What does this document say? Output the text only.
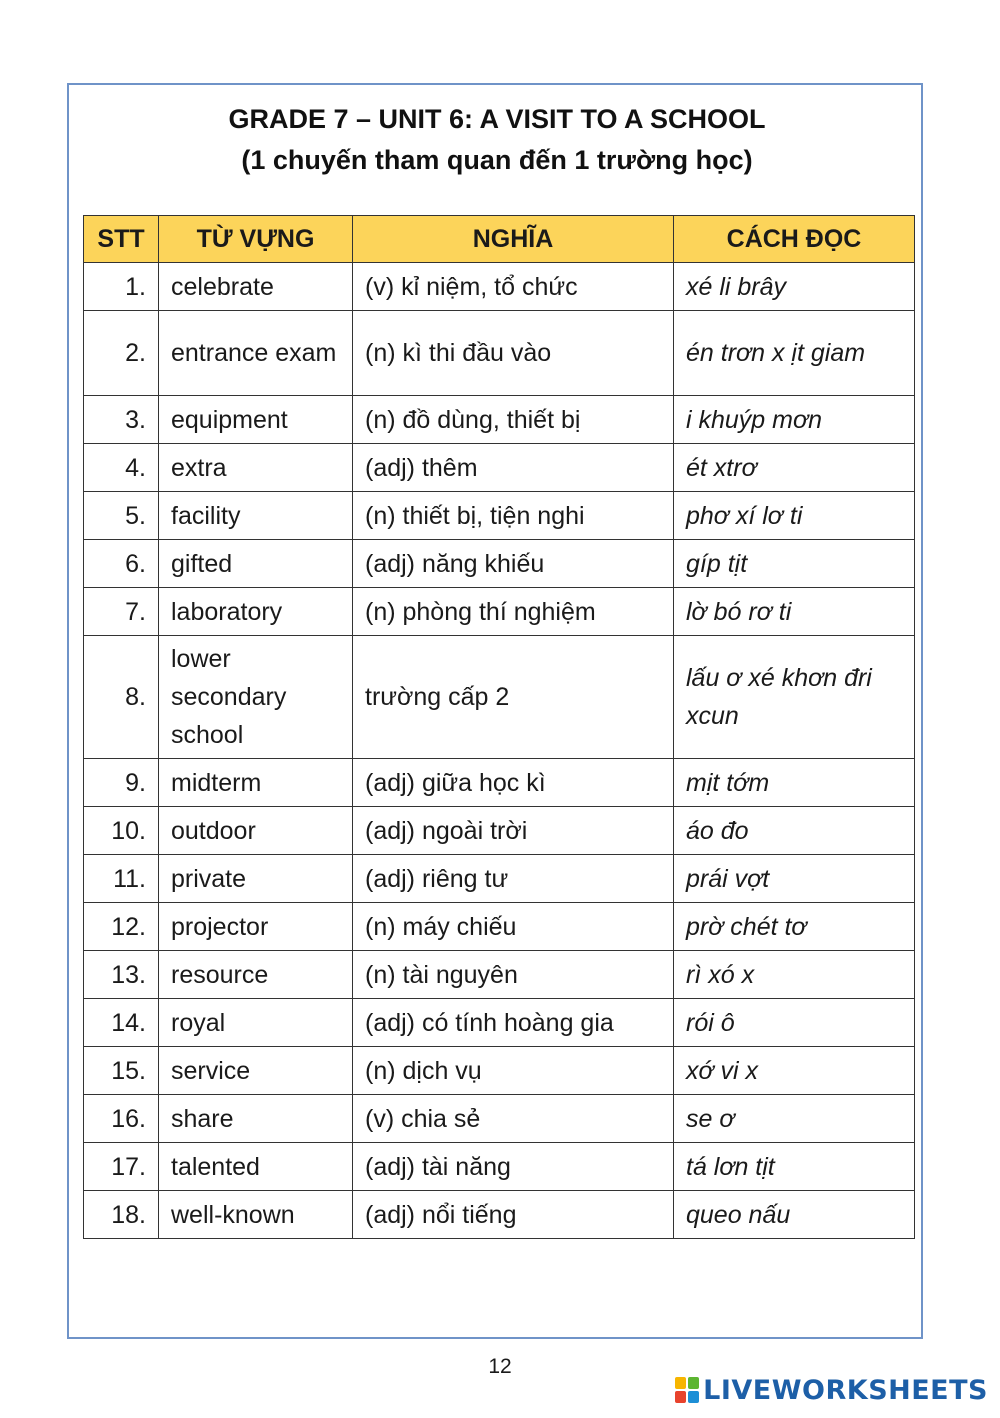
GRADE 7 – UNIT 6: A VISIT TO A SCHOOL
(1 chuyến tham quan đến 1 trường học)
STT	TỪ VỰNG	NGHĨA	CÁCH ĐỌC
1.	celebrate	(v) kỉ niệm, tổ chức	xé li brây
2.	entrance exam	(n) kì thi đầu vào	én trơn x ịt giam
3.	equipment	(n) đồ dùng, thiết bị	i khuýp mơn
4.	extra	(adj) thêm	ét xtrơ
5.	facility	(n) thiết bị, tiện nghi	phơ xí lơ ti
6.	gifted	(adj) năng khiếu	gíp tịt
7.	laboratory	(n) phòng thí nghiệm	lờ bó rơ ti
8.	lower secondary school	trường cấp 2	lấu ơ xé khơn đri xcun
9.	midterm	(adj) giữa học kì	mịt tớm
10.	outdoor	(adj) ngoài trời	áo đo
11.	private	(adj) riêng tư	prái vợt
12.	projector	(n) máy chiếu	prờ chét tơ
13.	resource	(n) tài nguyên	rì xó x
14.	royal	(adj) có tính hoàng gia	rói ô
15.	service	(n) dịch vụ	xớ vi x
16.	share	(v) chia sẻ	se ơ
17.	talented	(adj) tài năng	tá lơn tịt
18.	well-known	(adj) nổi tiếng	queo nấu
12
LIVEWORKSHEETS
